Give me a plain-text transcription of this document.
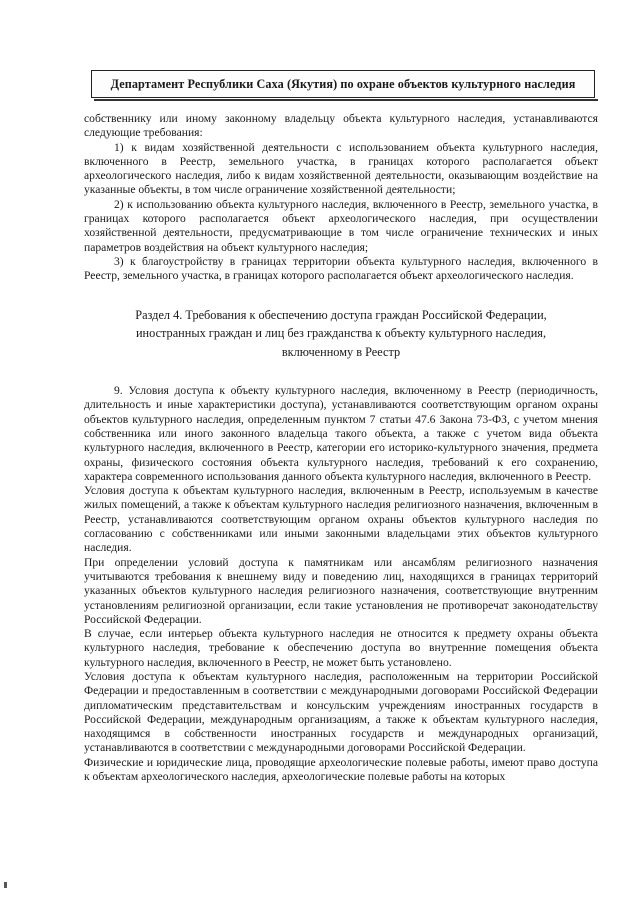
Департамент Республики Саха (Якутия) по охране объектов культурного наследия

собственнику или иному законному владельцу объекта культурного наследия, устанавливаются следующие требования:

1) к видам хозяйственной деятельности с использованием объекта культурного наследия, включенного в Реестр, земельного участка, в границах которого располагается объект археологического наследия, либо к видам хозяйственной деятельности, оказывающим воздействие на указанные объекты, в том числе ограничение хозяйственной деятельности;

2) к использованию объекта культурного наследия, включенного в Реестр, земельного участка, в границах которого располагается объект археологического наследия, при осуществлении хозяйственной деятельности, предусматривающие в том числе ограничение технических и иных параметров воздействия на объект культурного наследия;

3) к благоустройству в границах территории объекта культурного наследия, включенного в Реестр, земельного участка, в границах которого располагается объект археологического наследия.

Раздел 4. Требования к обеспечению доступа граждан Российской Федерации,
иностранных граждан и лиц без гражданства к объекту культурного наследия,
включенному в Реестр

9. Условия доступа к объекту культурного наследия, включенному в Реестр (периодичность, длительность и иные характеристики доступа), устанавливаются соответствующим органом охраны объектов культурного наследия, определенным пунктом 7 статьи 47.6 Закона 73-ФЗ, с учетом мнения собственника или иного законного владельца такого объекта, а также с учетом вида объекта культурного наследия, включенного в Реестр, категории его историко-культурного значения, предмета охраны, физического состояния объекта культурного наследия, требований к его сохранению, характера современного использования данного объекта культурного наследия, включенного в Реестр.

Условия доступа к объектам культурного наследия, включенным в Реестр, используемым в качестве жилых помещений, а также к объектам культурного наследия религиозного назначения, включенным в Реестр, устанавливаются соответствующим органом охраны объектов культурного наследия по согласованию с собственниками или иными законными владельцами этих объектов культурного наследия.

При определении условий доступа к памятникам или ансамблям религиозного назначения учитываются требования к внешнему виду и поведению лиц, находящихся в границах территорий указанных объектов культурного наследия религиозного назначения, соответствующие внутренним установлениям религиозной организации, если такие установления не противоречат законодательству Российской Федерации.

В случае, если интерьер объекта культурного наследия не относится к предмету охраны объекта культурного наследия, требование к обеспечению доступа во внутренние помещения объекта культурного наследия, включенного в Реестр, не может быть установлено.

Условия доступа к объектам культурного наследия, расположенным на территории Российской Федерации и предоставленным в соответствии с международными договорами Российской Федерации дипломатическим представительствам и консульским учреждениям иностранных государств в Российской Федерации, международным организациям, а также к объектам культурного наследия, находящимся в собственности иностранных государств и международных организаций, устанавливаются в соответствии с международными договорами Российской Федерации.

Физические и юридические лица, проводящие археологические полевые работы, имеют право доступа к объектам археологического наследия, археологические полевые работы на которых
